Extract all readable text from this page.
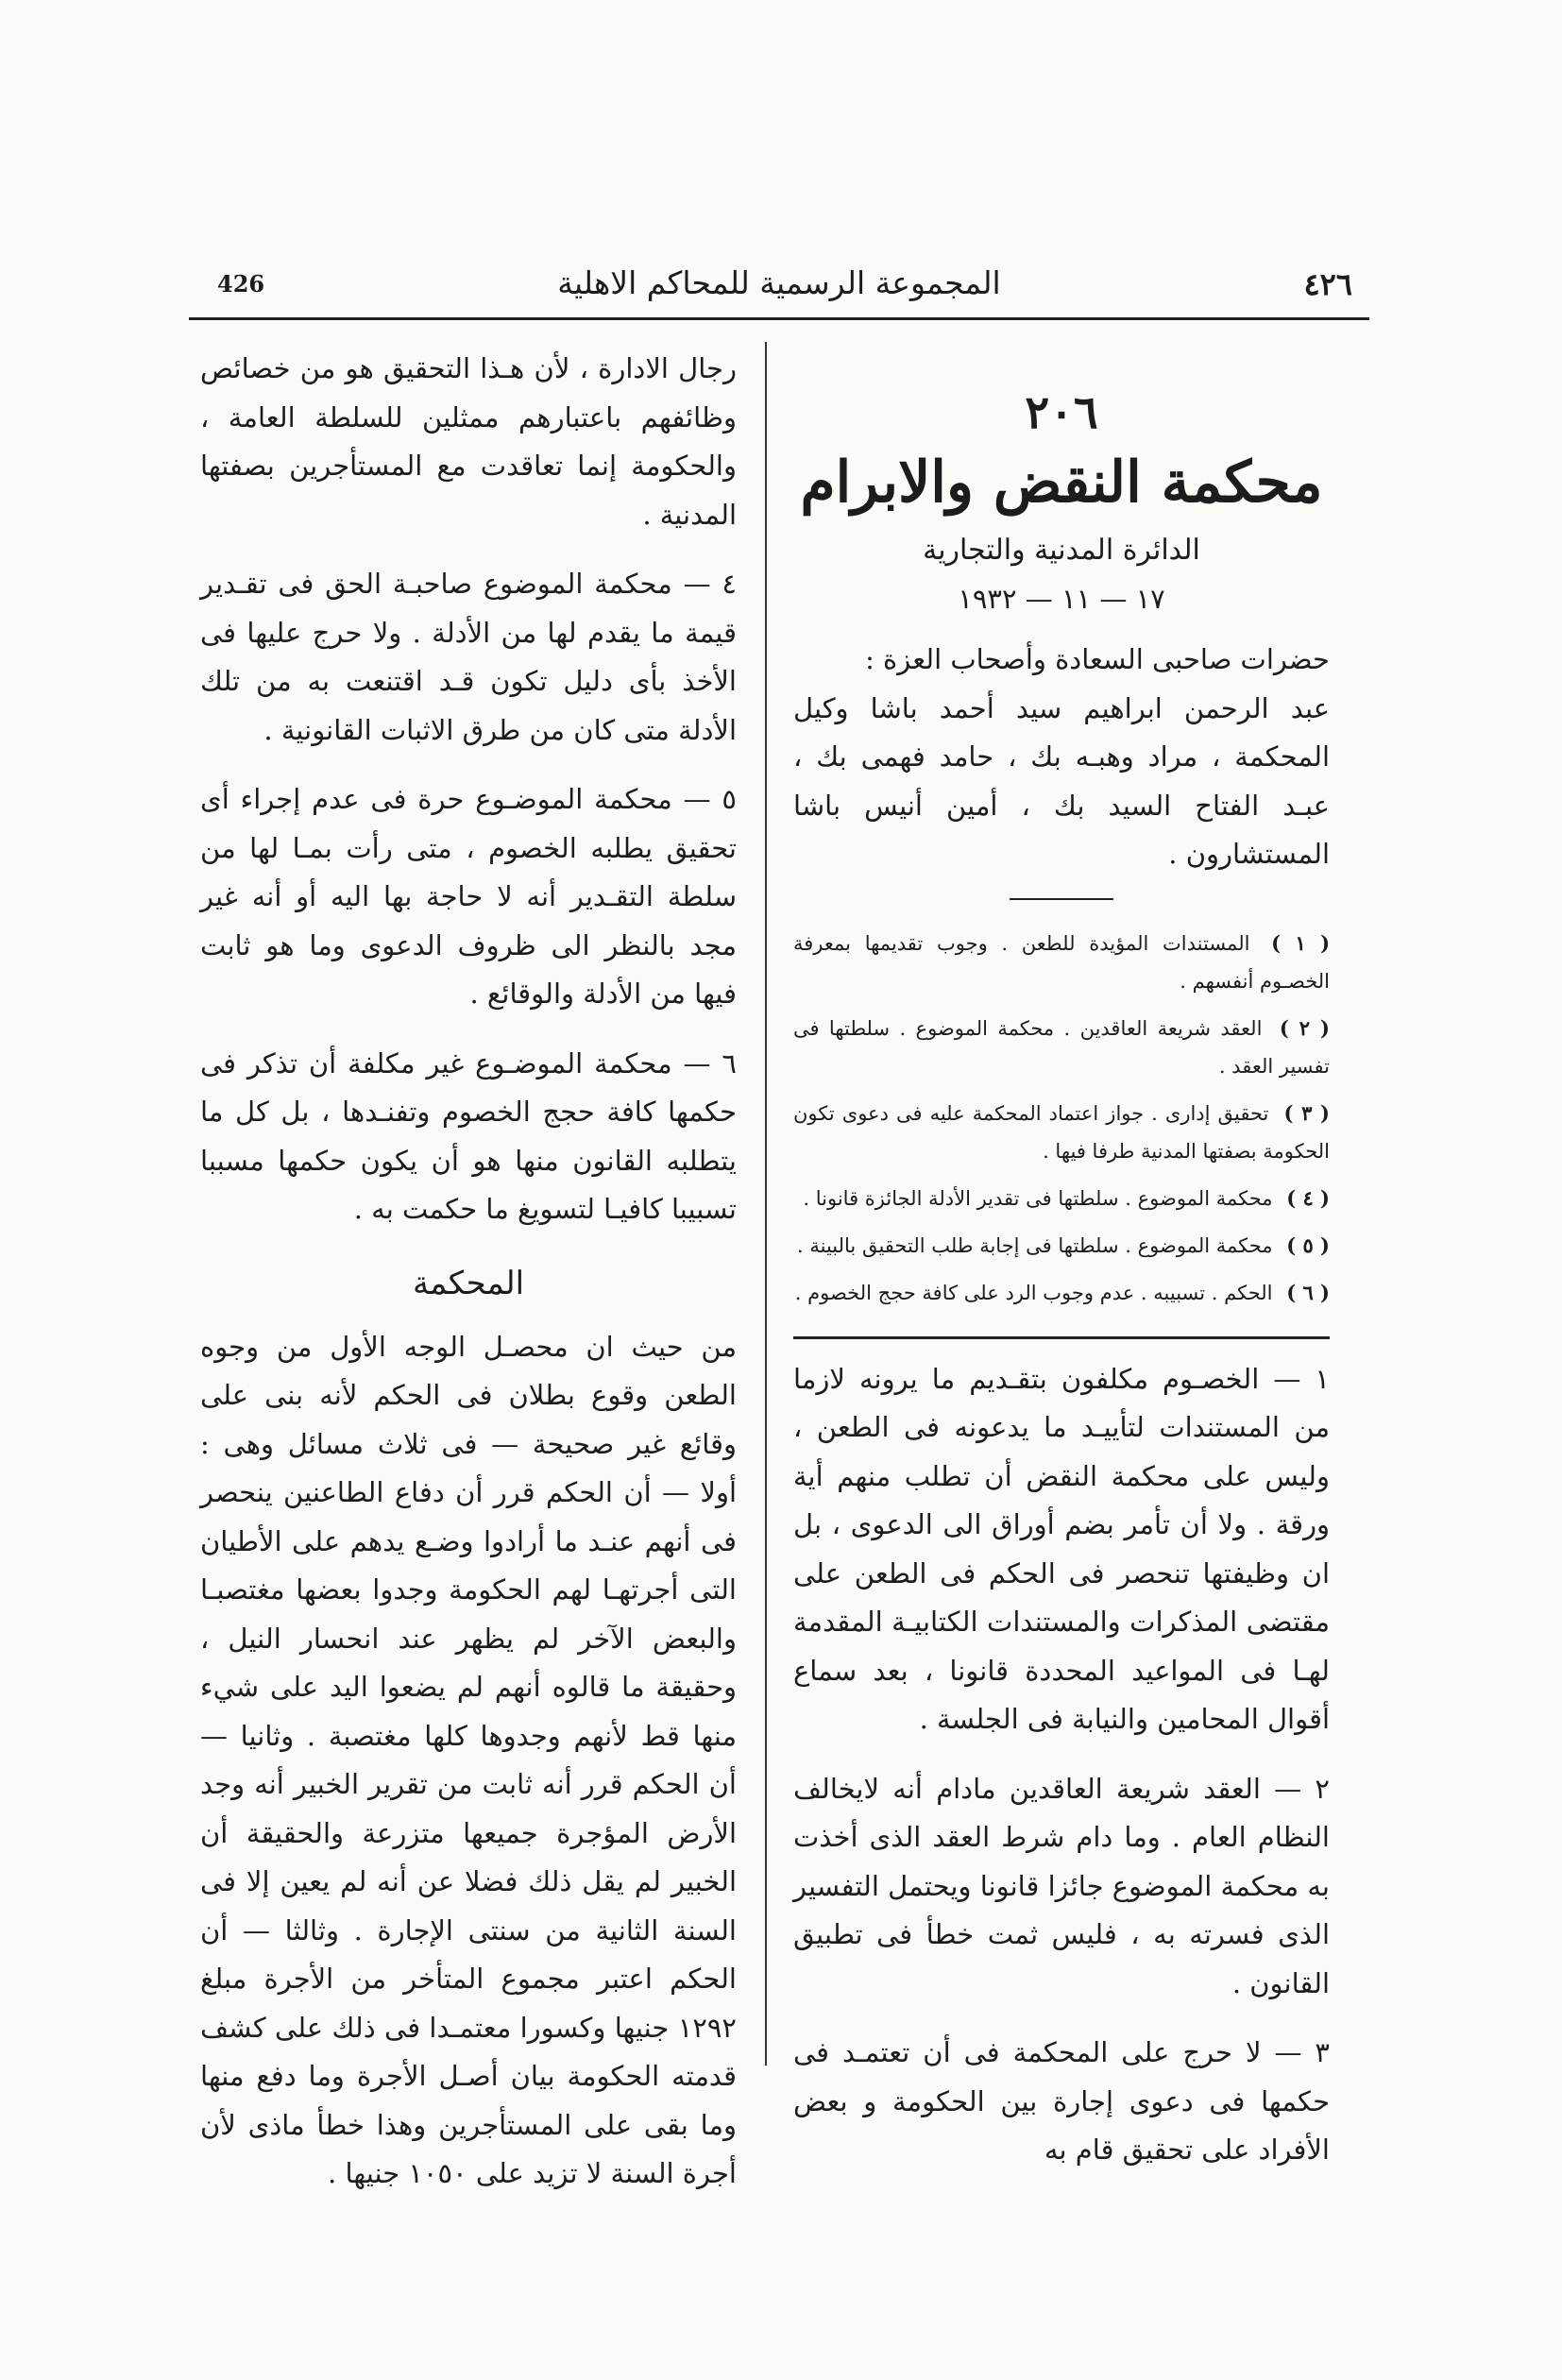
426	المجموعة الرسمية للمحاكم الاهلية	٤٢٦
٢٠٦
محكمة النقض والابرام
الدائرة المدنية والتجارية
١٧ — ١١ — ١٩٣٢
حضرات صاحبى السعادة وأصحاب العزة :
عبد الرحمن ابراهيم سيد أحمد باشا وكيل المحكمة ، مراد وهبـه بك ، حامد فهمى بك ، عبـد الفتاح السيد بك ، أمين أنيس باشا المستشارون .
( ١ ) المستندات المؤيدة للطعن . وجوب تقديمها بمعرفة الخصـوم أنفسهم .
( ٢ ) العقد شريعة العاقدين . محكمة الموضوع . سلطتها فى تفسير العقد .
( ٣ ) تحقيق إدارى . جواز اعتماد المحكمة عليه فى دعوى تكون الحكومة بصفتها المدنية طرفا فيها .
( ٤ ) محكمة الموضوع . سلطتها فى تقدير الأدلة الجائزة قانونا .
( ٥ ) محكمة الموضوع . سلطتها فى إجابة طلب التحقيق بالبينة .
( ٦ ) الحكم . تسبيبه . عدم وجوب الرد على كافة حجج الخصوم .

١ — الخصـوم مكلفون بتقـديم ما يرونه لازما من المستندات لتأييـد ما يدعونه فى الطعن ، وليس على محكمة النقض أن تطلب منهم أية ورقة . ولا أن تأمر بضم أوراق الى الدعوى ، بل ان وظيفتها تنحصر فى الحكم فى الطعن على مقتضى المذكرات والمستندات الكتابيـة المقدمة لهـا فى المواعيد المحددة قانونا ، بعد سماع أقوال المحامين والنيابة فى الجلسة .

٢ — العقد شريعة العاقدين مادام أنه لايخالف النظام العام . وما دام شرط العقد الذى أخذت به محكمة الموضوع جائزا قانونا ويحتمل التفسير الذى فسرته به ، فليس ثمت خطأ فى تطبيق القانون .

٣ — لا حرج على المحكمة فى أن تعتمـد فى حكمها فى دعوى إجارة بين الحكومة و بعض الأفراد على تحقيق قام به

رجال الادارة ، لأن هـذا التحقيق هو من خصائص وظائفهم باعتبارهم ممثلين للسلطة العامة ، والحكومة إنما تعاقدت مع المستأجرين بصفتها المدنية .

٤ — محكمة الموضوع صاحبـة الحق فى تقـدير قيمة ما يقدم لها من الأدلة . ولا حرج عليها فى الأخذ بأى دليل تكون قـد اقتنعت به من تلك الأدلة متى كان من طرق الاثبات القانونية .

٥ — محكمة الموضـوع حرة فى عدم إجراء أى تحقيق يطلبه الخصوم ، متى رأت بمـا لها من سلطة التقـدير أنه لا حاجة بها اليه أو أنه غير مجد بالنظر الى ظروف الدعوى وما هو ثابت فيها من الأدلة والوقائع .

٦ — محكمة الموضـوع غير مكلفة أن تذكر فى حكمها كافة حجج الخصوم وتفنـدها ، بل كل ما يتطلبه القانون منها هو أن يكون حكمها مسببا تسبيبا كافيـا لتسويغ ما حكمت به .

المحكمة

من حيث ان محصـل الوجه الأول من وجوه الطعن وقوع بطلان فى الحكم لأنه بنى على وقائع غير صحيحة — فى ثلاث مسائل وهى : أولا — أن الحكم قرر أن دفاع الطاعنين ينحصر فى أنهم عنـد ما أرادوا وضـع يدهم على الأطيان التى أجرتهـا لهم الحكومة وجدوا بعضها مغتصبـا والبعض الآخر لم يظهر عند انحسار النيل ، وحقيقة ما قالوه أنهم لم يضعوا اليد على شيء منها قط لأنهم وجدوها كلها مغتصبة . وثانيا — أن الحكم قرر أنه ثابت من تقرير الخبير أنه وجد الأرض المؤجرة جميعها متزرعة والحقيقة أن الخبير لم يقل ذلك فضلا عن أنه لم يعين إلا فى السنة الثانية من سنتى الإجارة . وثالثا — أن الحكم اعتبر مجموع المتأخر من الأجرة مبلغ ١٢٩٢ جنيها وكسورا معتمـدا فى ذلك على كشف قدمته الحكومة بيان أصـل الأجرة وما دفع منها وما بقى على المستأجرين وهذا خطأ ماذى لأن أجرة السنة لا تزيد على ١٠٥٠ جنيها .
